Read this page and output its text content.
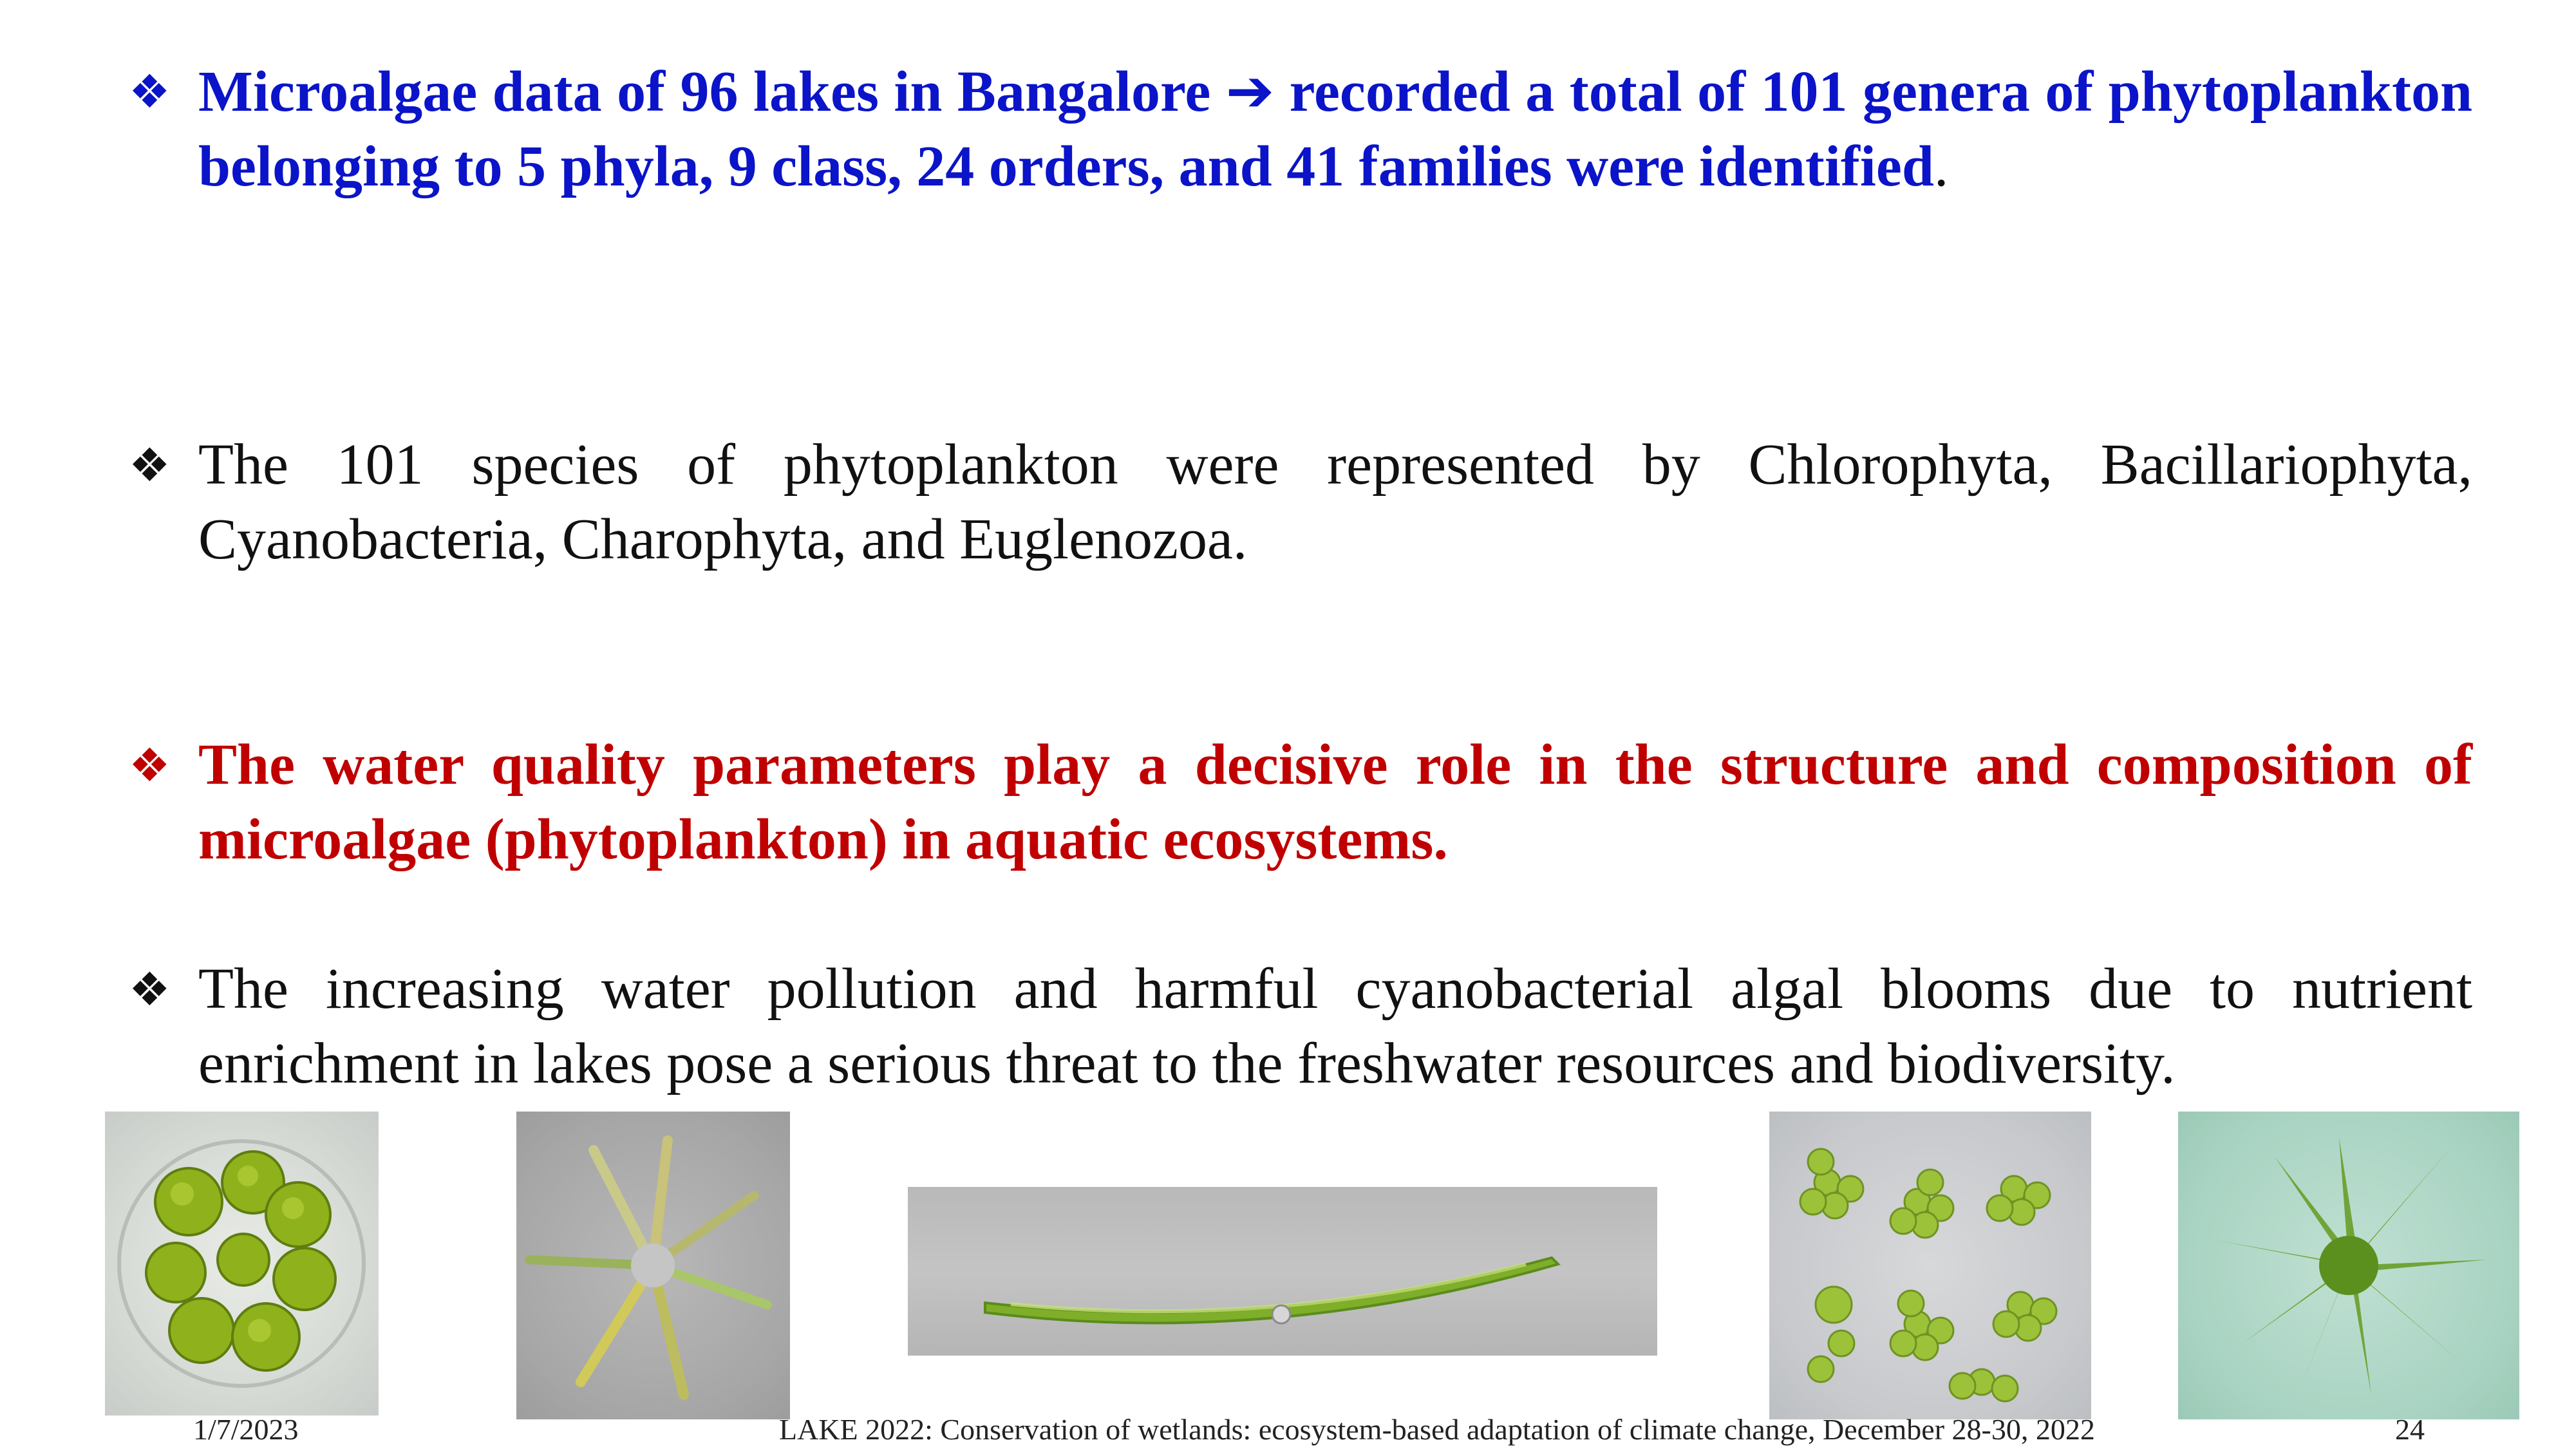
❖ Microalgae data of 96 lakes in Bangalore ➔ recorded a total of 101 genera of phytoplankton belonging to 5 phyla, 9 class, 24 orders, and 41 families were identified.
❖ The 101 species of phytoplankton were represented by Chlorophyta, Bacillariophyta, Cyanobacteria, Charophyta, and Euglenozoa.
❖ The water quality parameters play a decisive role in the structure and composition of microalgae (phytoplankton) in aquatic ecosystems.
❖ The increasing water pollution and harmful cyanobacterial algal blooms due to nutrient enrichment in lakes pose a serious threat to the freshwater resources and biodiversity.
1/7/2023	LAKE 2022: Conservation of wetlands: ecosystem-based adaptation of climate change, December 28-30, 2022	24
